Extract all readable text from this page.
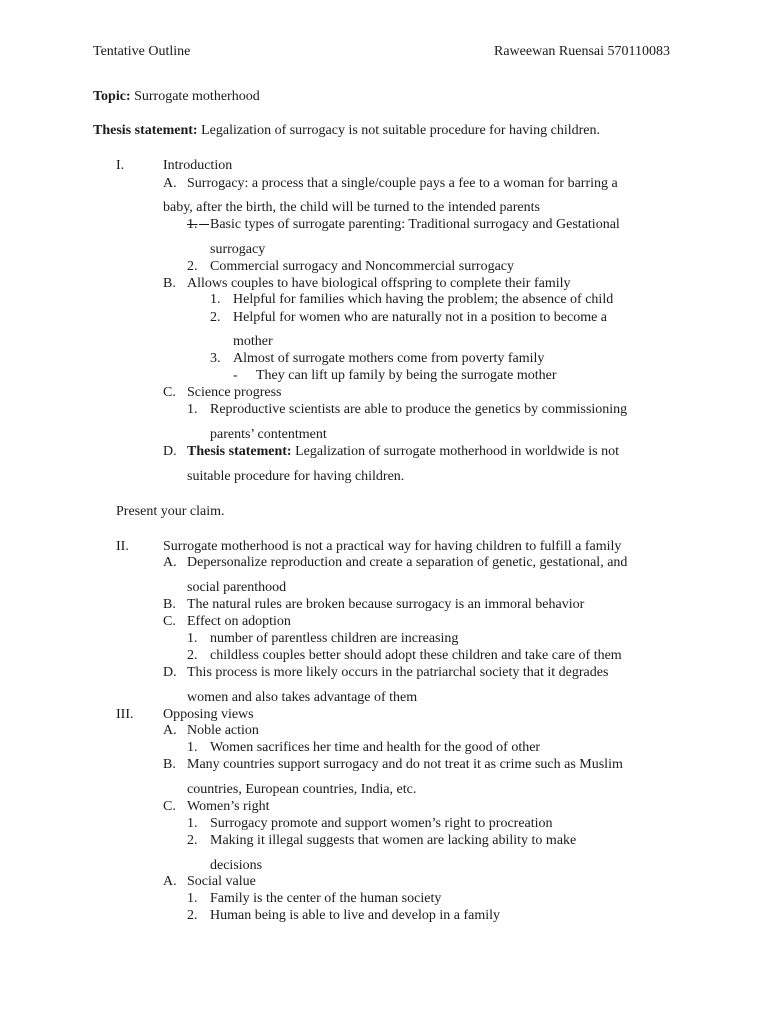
Tentative Outline	Raweewan Ruensai 570110083
Topic: Surrogate motherhood
Thesis statement: Legalization of surrogacy is not suitable procedure for having children.
I.	Introduction
A. Surrogacy: a process that a single/couple pays a fee to a woman for barring a
baby, after the birth, the child will be turned to the intended parents
1.
Basic types of surrogate parenting: Traditional surrogacy and Gestational
surrogacy
2. Commercial surrogacy and Noncommercial surrogacy
B. Allows couples to have biological offspring to complete their family
1. Helpful for families which having the problem; the absence of child
2. Helpful for women who are naturally not in a position to become a
mother
3. Almost of surrogate mothers come from poverty family
- They can lift up family by being the surrogate mother
C. Science progress
1. Reproductive scientists are able to produce the genetics by commissioning
parents’ contentment
D. Thesis statement: Legalization of surrogate motherhood in worldwide is not
suitable procedure for having children.
Present your claim.
II. Surrogate motherhood is not a practical way for having children to fulfill a family
A. Depersonalize reproduction and create a separation of genetic, gestational, and
social parenthood
B. The natural rules are broken because surrogacy is an immoral behavior
C. Effect on adoption
1. number of parentless children are increasing
2. childless couples better should adopt these children and take care of them
D. This process is more likely occurs in the patriarchal society that it degrades
women and also takes advantage of them
III. Opposing views
A. Noble action
1. Women sacrifices her time and health for the good of other
B. Many countries support surrogacy and do not treat it as crime such as Muslim
countries, European countries, India, etc.
C. Women’s right
1. Surrogacy promote and support women’s right to procreation
2. Making it illegal suggests that women are lacking ability to make
decisions
A. Social value
1. Family is the center of the human society
2. Human being is able to live and develop in a family
